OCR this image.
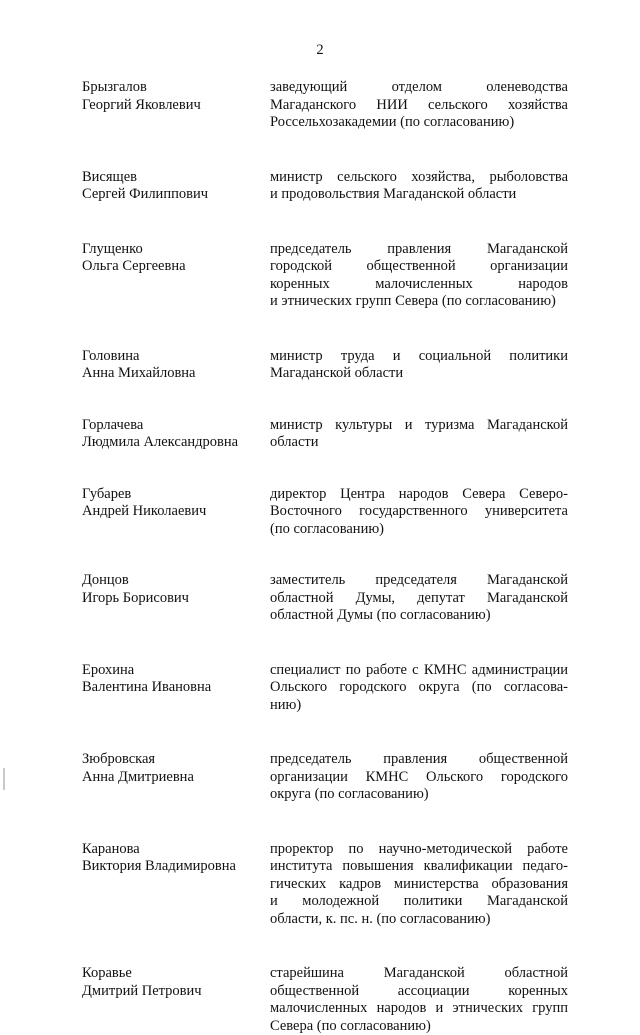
2
Брызгалов
Георгий Яковлевич
заведующий отделом оленеводства
Магаданского НИИ сельского хозяйства
Россельхозакадемии (по согласованию)
Висящев
Сергей Филиппович
министр сельского хозяйства, рыболовства
и продовольствия Магаданской области
Глущенко
Ольга Сергеевна
председатель правления Магаданской
городской общественной организации
коренных малочисленных народов
и этнических групп Севера (по согласованию)
Головина
Анна Михайловна
министр труда и социальной политики
Магаданской области
Горлачева
Людмила Александровна
министр культуры и туризма Магаданской
области
Губарев
Андрей Николаевич
директор Центра народов Севера Северо-
Восточного государственного университета
(по согласованию)
Донцов
Игорь Борисович
заместитель председателя Магаданской
областной Думы, депутат Магаданской
областной Думы (по согласованию)
Ерохина
Валентина Ивановна
специалист по работе с КМНС администрации
Ольского городского округа (по согласова-
нию)
Зюбровская
Анна Дмитриевна
председатель правления общественной
организации КМНС Ольского городского
округа (по согласованию)
Каранова
Виктория Владимировна
проректор по научно-методической работе
института повышения квалификации педаго-
гических кадров министерства образования
и молодежной политики Магаданской
области, к. пс. н. (по согласованию)
Коравье
Дмитрий Петрович
старейшина Магаданской областной
общественной ассоциации коренных
малочисленных народов и этнических групп
Севера (по согласованию)
